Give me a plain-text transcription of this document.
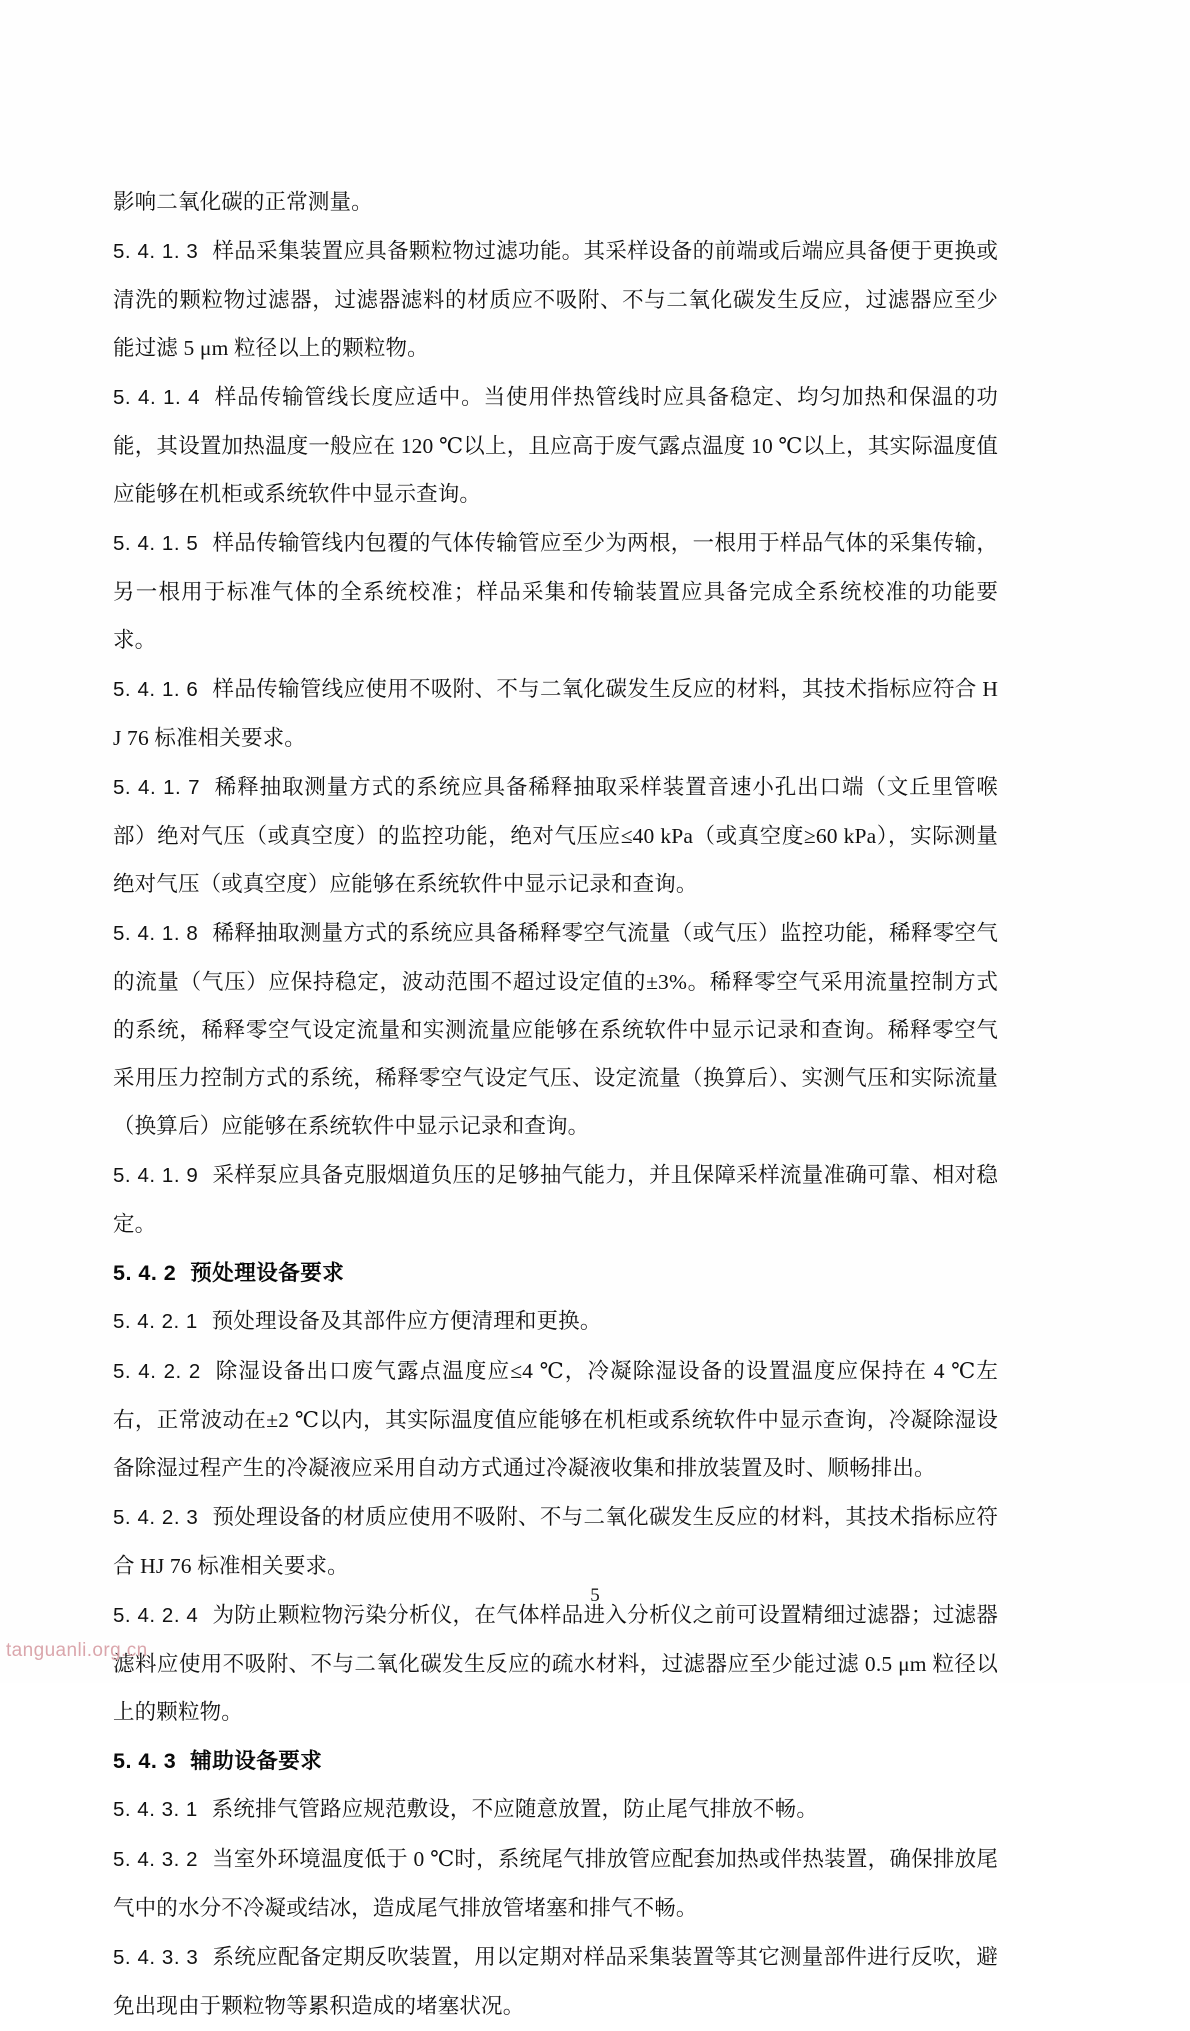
影响二氧化碳的正常测量。

5. 4. 1. 3 样品采集装置应具备颗粒物过滤功能。其采样设备的前端或后端应具备便于更换或清洗的颗粒物过滤器，过滤器滤料的材质应不吸附、不与二氧化碳发生反应，过滤器应至少能过滤 5 μm 粒径以上的颗粒物。

5. 4. 1. 4 样品传输管线长度应适中。当使用伴热管线时应具备稳定、均匀加热和保温的功能，其设置加热温度一般应在 120 ℃以上，且应高于废气露点温度 10 ℃以上，其实际温度值应能够在机柜或系统软件中显示查询。

5. 4. 1. 5 样品传输管线内包覆的气体传输管应至少为两根，一根用于样品气体的采集传输，另一根用于标准气体的全系统校准；样品采集和传输装置应具备完成全系统校准的功能要求。

5. 4. 1. 6 样品传输管线应使用不吸附、不与二氧化碳发生反应的材料，其技术指标应符合 HJ 76 标准相关要求。

5. 4. 1. 7 稀释抽取测量方式的系统应具备稀释抽取采样装置音速小孔出口端（文丘里管喉部）绝对气压（或真空度）的监控功能，绝对气压应≤40 kPa（或真空度≥60 kPa），实际测量绝对气压（或真空度）应能够在系统软件中显示记录和查询。

5. 4. 1. 8 稀释抽取测量方式的系统应具备稀释零空气流量（或气压）监控功能，稀释零空气的流量（气压）应保持稳定，波动范围不超过设定值的±3%。稀释零空气采用流量控制方式的系统，稀释零空气设定流量和实测流量应能够在系统软件中显示记录和查询。稀释零空气采用压力控制方式的系统，稀释零空气设定气压、设定流量（换算后）、实测气压和实际流量（换算后）应能够在系统软件中显示记录和查询。

5. 4. 1. 9 采样泵应具备克服烟道负压的足够抽气能力，并且保障采样流量准确可靠、相对稳定。

5. 4. 2 预处理设备要求

5. 4. 2. 1 预处理设备及其部件应方便清理和更换。

5. 4. 2. 2 除湿设备出口废气露点温度应≤4 ℃，冷凝除湿设备的设置温度应保持在 4 ℃左右，正常波动在±2 ℃以内，其实际温度值应能够在机柜或系统软件中显示查询，冷凝除湿设备除湿过程产生的冷凝液应采用自动方式通过冷凝液收集和排放装置及时、顺畅排出。

5. 4. 2. 3 预处理设备的材质应使用不吸附、不与二氧化碳发生反应的材料，其技术指标应符合 HJ 76 标准相关要求。

5. 4. 2. 4 为防止颗粒物污染分析仪，在气体样品进入分析仪之前可设置精细过滤器；过滤器滤料应使用不吸附、不与二氧化碳发生反应的疏水材料，过滤器应至少能过滤 0.5 μm 粒径以上的颗粒物。

5. 4. 3 辅助设备要求

5. 4. 3. 1 系统排气管路应规范敷设，不应随意放置，防止尾气排放不畅。

5. 4. 3. 2 当室外环境温度低于 0 ℃时，系统尾气排放管应配套加热或伴热装置，确保排放尾气中的水分不冷凝或结冰，造成尾气排放管堵塞和排气不畅。

5. 4. 3. 3 系统应配备定期反吹装置，用以定期对样品采集装置等其它测量部件进行反吹，避免出现由于颗粒物等累积造成的堵塞状况。

5
tanguanli.org.cn
